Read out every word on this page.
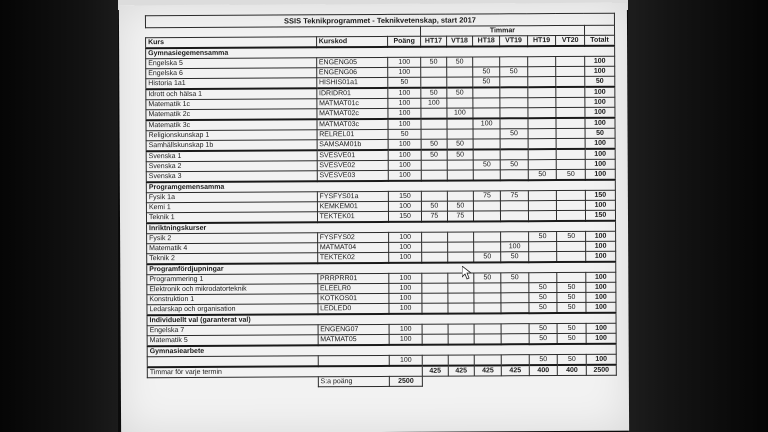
SSIS Teknikprogrammet - Teknikvetenskap, start 2017									
			Timmar						
Kurs	Kurskod	Poäng	HT17	VT18	HT18	VT19	HT19	VT20	Totalt
Gymnasiegemensamma									
Engelska 5	ENGENG05	100	50	50					100
Engelska 6	ENGENG06	100			50	50			100
Historia 1a1	HISHIS01a1	50			50				50
Idrott och hälsa 1	IDRIDR01	100	50	50					100
Matematik 1c	MATMAT01c	100	100						100
Matematik 2c	MATMAT02c	100		100					100
Matematik 3c	MATMAT03c	100			100				100
Religionskunskap 1	RELREL01	50				50			50
Samhällskunskap 1b	SAMSAM01b	100	50	50					100
Svenska 1	SVESVE01	100	50	50					100
Svenska 2	SVESVE02	100			50	50			100
Svenska 3	SVESVE03	100					50	50	100
Programgemensamma									
Fysik 1a	FYSFYS01a	150			75	75			150
Kemi 1	KEMKEM01	100	50	50					100
Teknik 1	TEKTEK01	150	75	75					150
Inriktningskurser									
Fysik 2	FYSFYS02	100					50	50	100
Matematik 4	MATMAT04	100				100			100
Teknik 2	TEKTEK02	100			50	50			100
Programfördjupningar									
Programmering 1	PRRPRR01	100			50	50			100
Elektronik och mikrodatorteknik	ELEELR0	100					50	50	100
Konstruktion 1	KOTKOS01	100					50	50	100
Ledarskap och organisation	LEDLED0	100					50	50	100
Individuellt val (garanterat val)									
Engelska 7	ENGENG07	100					50	50	100
Matematik 5	MATMAT05	100					50	50	100
Gymnasiearbete									
		100					50	50	100
Timmar för varje termin			425	425	425	425	400	400	2500
	S:a poäng	2500							
